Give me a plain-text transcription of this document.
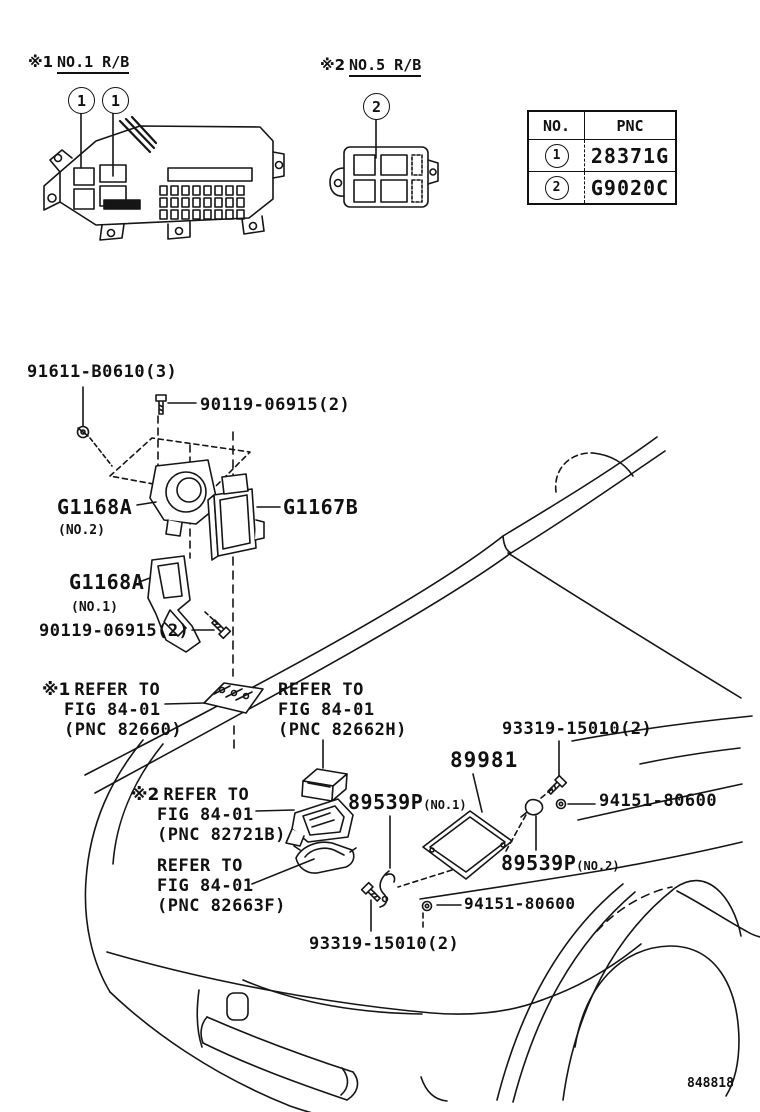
※1 NO.1 R/B	※2 NO.5 R/B
1	1	2
NO.	PNC
1	28371G
2	G9020C
91611-B0610(3)
90119-06915(2)
G1168A
(NO.2)
G1167B
G1168A
(NO.1)
90119-06915(2)
※1 REFER TO
FIG 84-01
(PNC 82660)
REFER TO
FIG 84-01
(PNC 82662H)
※2 REFER TO
FIG 84-01
(PNC 82721B)
REFER TO
FIG 84-01
(PNC 82663F)
89539P (NO.1)
93319-15010(2)
89981
94151-80600
89539P (NO.2)
94151-80600
93319-15010(2)
848818
